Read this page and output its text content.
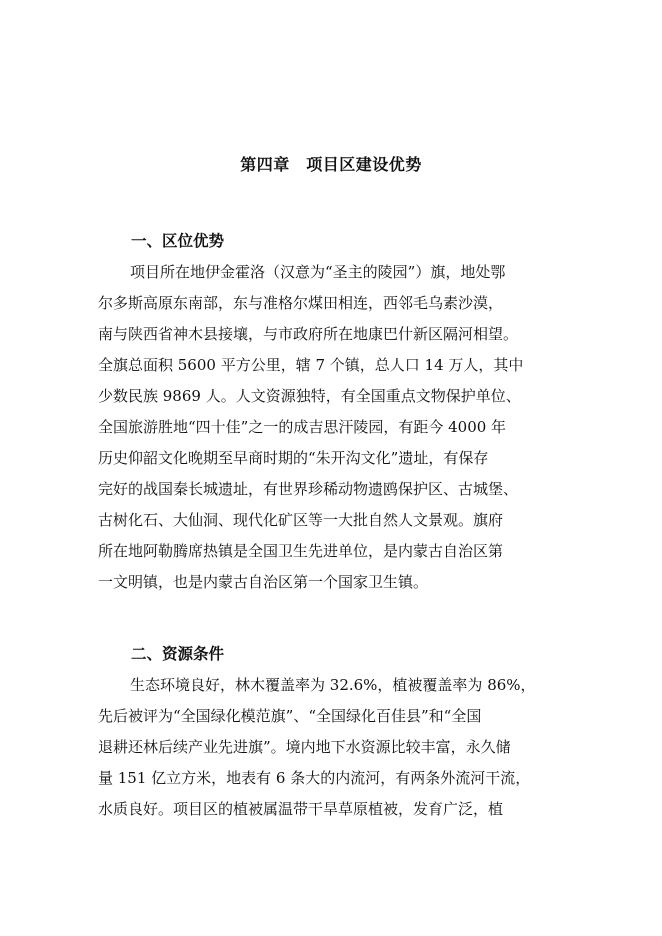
第四章　项目区建设优势
一、区位优势
项目所在地伊金霍洛（汉意为“圣主的陵园”）旗，地处鄂
尔多斯高原东南部，东与准格尔煤田相连，西邻毛乌素沙漠，
南与陕西省神木县接壤，与市政府所在地康巴什新区隔河相望。
全旗总面积 5600 平方公里，辖 7 个镇，总人口 14 万人，其中
少数民族 9869 人。人文资源独特，有全国重点文物保护单位、
全国旅游胜地“四十佳”之一的成吉思汗陵园，有距今 4000 年
历史仰韶文化晚期至早商时期的“朱开沟文化”遗址，有保存
完好的战国秦长城遗址，有世界珍稀动物遗鸥保护区、古城堡、
古树化石、大仙洞、现代化矿区等一大批自然人文景观。旗府
所在地阿勒腾席热镇是全国卫生先进单位，是内蒙古自治区第
一文明镇，也是内蒙古自治区第一个国家卫生镇。
二、资源条件
生态环境良好，林木覆盖率为 32.6%，植被覆盖率为 86%，
先后被评为“全国绿化模范旗”、“全国绿化百佳县”和“全国
退耕还林后续产业先进旗”。境内地下水资源比较丰富，永久储
量 151 亿立方米，地表有 6 条大的内流河，有两条外流河干流，
水质良好。项目区的植被属温带干旱草原植被，发育广泛，植
